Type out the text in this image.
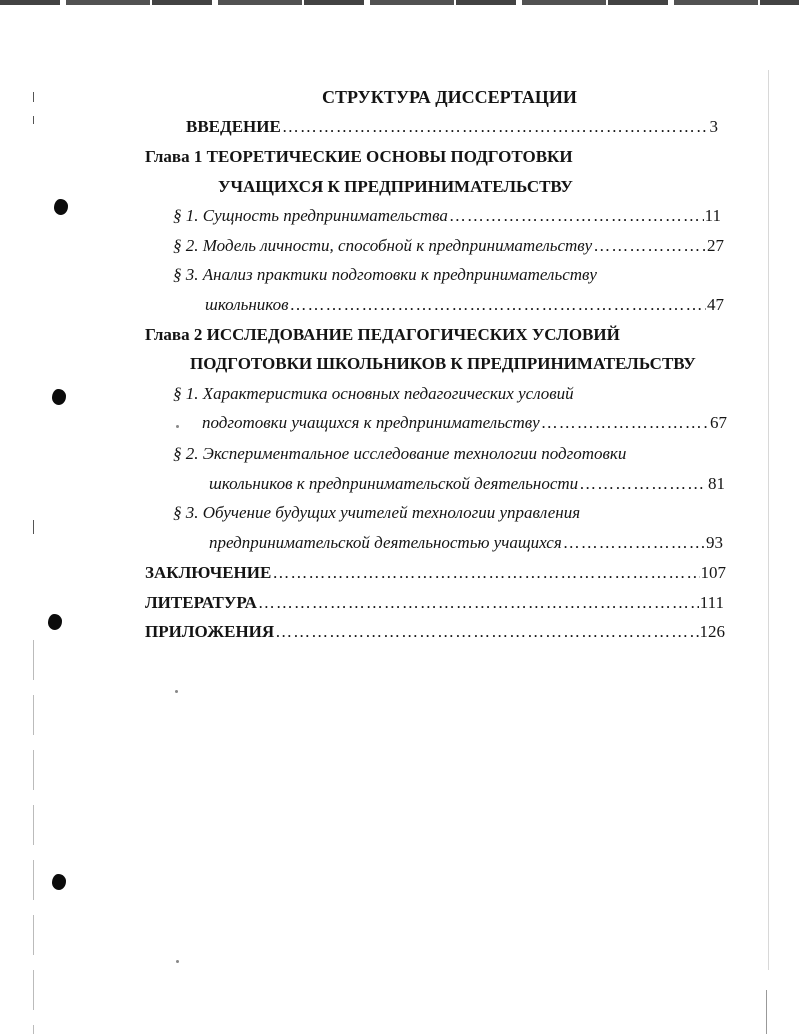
СТРУКТУРА ДИССЕРТАЦИИ
ВВЕДЕНИЕ …………………………………………………………………………………………………………………………………………………………………………	3
Глава 1 ТЕОРЕТИЧЕСКИЕ ОСНОВЫ ПОДГОТОВКИ
УЧАЩИХСЯ К ПРЕДПРИНИМАТЕЛЬСТВУ
§ 1. Сущность предпринимательства …………………………………………………………………………………………………………………………………………………………………………	11
§ 2. Модель личности, способной к предпринимательству …………………………………………………………………………………………………………………………………………………………………………	27
§ 3. Анализ практики подготовки к предпринимательству
школьников …………………………………………………………………………………………………………………………………………………………………………	47
Глава 2 ИССЛЕДОВАНИЕ ПЕДАГОГИЧЕСКИХ УСЛОВИЙ
ПОДГОТОВКИ ШКОЛЬНИКОВ К ПРЕДПРИНИМАТЕЛЬСТВУ
§ 1. Характеристика основных педагогических условий
подготовки учащихся к предпринимательству …………………………………………………………………………………………………………………………………………………………………………	67
§ 2. Экспериментальное исследование технологии подготовки
школьников к предпринимательской деятельности …………………………………………………………………………………………………………………………………………………………………………	81
§ 3. Обучение будущих учителей технологии управления
предпринимательской деятельностью учащихся …………………………………………………………………………………………………………………………………………………………………………	93
ЗАКЛЮЧЕНИЕ …………………………………………………………………………………………………………………………………………………………………………	107
ЛИТЕРАТУРА …………………………………………………………………………………………………………………………………………………………………………	111
ПРИЛОЖЕНИЯ …………………………………………………………………………………………………………………………………………………………………………	126
